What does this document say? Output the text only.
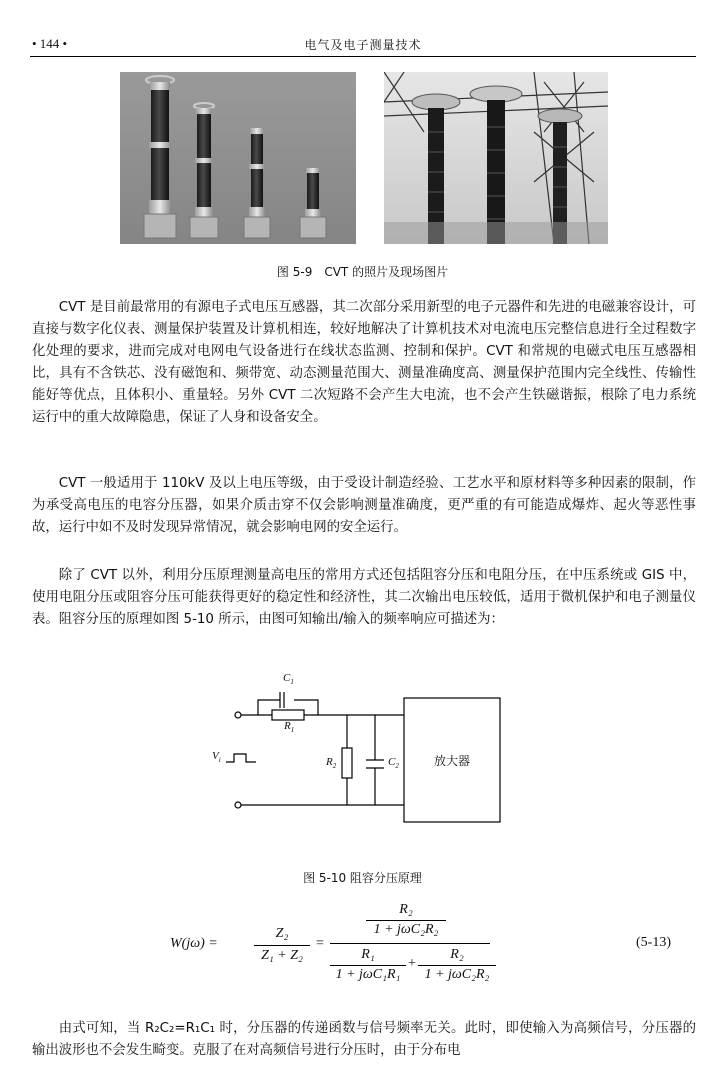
• 144 •	电气及电子测量技术
图 5-9　CVT 的照片及现场图片

CVT 是目前最常用的有源电子式电压互感器，其二次部分采用新型的电子元器件和先进的电磁兼容设计，可直接与数字化仪表、测量保护装置及计算机相连，较好地解决了计算机技术对电流电压完整信息进行全过程数字化处理的要求，进而完成对电网电气设备进行在线状态监测、控制和保护。CVT 和常规的电磁式电压互感器相比，具有不含铁芯、没有磁饱和、频带宽、动态测量范围大、测量准确度高、测量保护范围内完全线性、传输性能好等优点，且体积小、重量轻。另外 CVT 二次短路不会产生大电流，也不会产生铁磁谐振，根除了电力系统运行中的重大故障隐患，保证了人身和设备安全。

CVT 一般适用于 110kV 及以上电压等级，由于受设计制造经验、工艺水平和原材料等多种因素的限制，作为承受高电压的电容分压器，如果介质击穿不仅会影响测量准确度，更严重的有可能造成爆炸、起火等恶性事故，运行中如不及时发现异常情况，就会影响电网的安全运行。

除了 CVT 以外，利用分压原理测量高电压的常用方式还包括阻容分压和电阻分压，在中压系统或 GIS 中，使用电阻分压或阻容分压可能获得更好的稳定性和经济性，其二次输出电压较低，适用于微机保护和电子测量仪表。阻容分压的原理如图 5-10 所示，由图可知输出/输入的频率响应可描述为：

$C_1$
$R_1$
$V_i$	$R_2$	$C_2$	放大器
图 5-10 阻容分压原理
W(jω) =
Z₂
Z₁ + Z₂
=
R₂
1 + jωC₂R₂
R₁
1 + jωC₁R₁
+
R₂
1 + jωC₂R₂
(5-13)

由式可知，当 R₂C₂=R₁C₁ 时，分压器的传递函数与信号频率无关。此时，即使输入为高频信号，分压器的输出波形也不会发生畸变。克服了在对高频信号进行分压时，由于分布电
